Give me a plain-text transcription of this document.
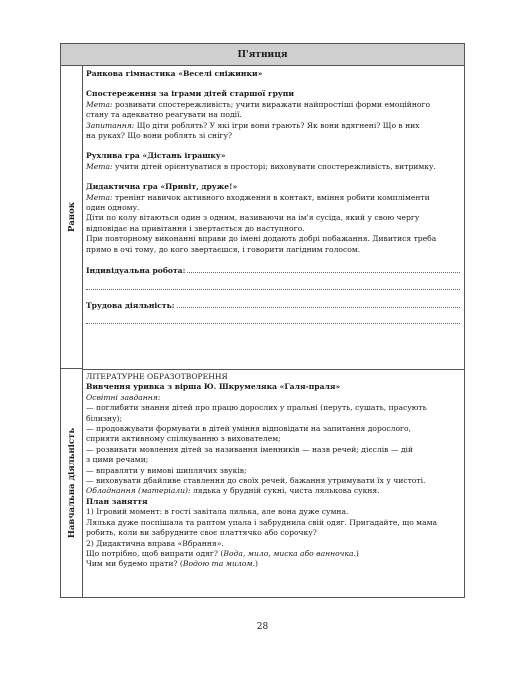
П'ятниця
Ранок
Навчальна діяльність
Ранкова гімнастика «Веселі сніжинки»
Спостереження за іграми дітей старшої групи
Мета: розвивати спостережливість; учити виражати найпростіші форми емоційного
стану та адекватно реагувати на події.
Запитання: Що діти роблять? У які ігри вони грають? Як вони вдягнені? Що в них
на руках? Що вони роблять зі снігу?
Рухлива гра «Дістань іграшку»
Мета: учити дітей орієнтуватися в просторі; виховувати спостережливість, витримку.
Дидактична гра «Привіт, друже!»
Мета: тренінг навичок активного входження в контакт, вміння робити компліменти
один одному.
Діти по колу вітаються один з одним, називаючи на ім'я сусіда, який у свою чергу
відповідає на привітання і звертається до наступного.
При повторному виконанні вправи до імені додають добрі побажання. Дивитися треба
прямо в очі тому, до кого звертаєшся, і говорити лагідним голосом.
Індивідуальна робота:
Трудова діяльність:
ЛІТЕРАТУРНЕ ОБРАЗОТВОРЕННЯ
Вивчення уривка з вірша Ю. Шкрумеляка «Галя-праля»
Освітні завдання:
— поглибити знання дітей про працю дорослих у пральні (перуть, сушать, прасують
білизну);
— продовжувати формувати в дітей уміння відповідати на запитання дорослого,
сприяти активному спілкуванню з вихователем;
— розвивати мовлення дітей за називання іменників — назв речей; дієслів — дій
з цими речами;
— вправляти у вимові шиплячих звуків;
— виховувати дбайливе ставлення до своїх речей, бажання утримувати їх у чистоті.
Обладнання (матеріали): лядька у брудній сукні, чиста лялькова сукня.
План заняття
1) Ігровий момент: в гості завітала лялька, але вона дуже сумна.
Лялька дуже поспішала та раптом упала і забруднила свій одяг. Пригадайте, що мама
робить, коли ви забрудните своє платтячко або сорочку?
2) Дидактична вправа «Вбрання».
Що потрібно, щоб випрати одяг? (Вода, мило, миска або ванночка.)
Чим ми будемо прати? (Водою та милом.)
28
